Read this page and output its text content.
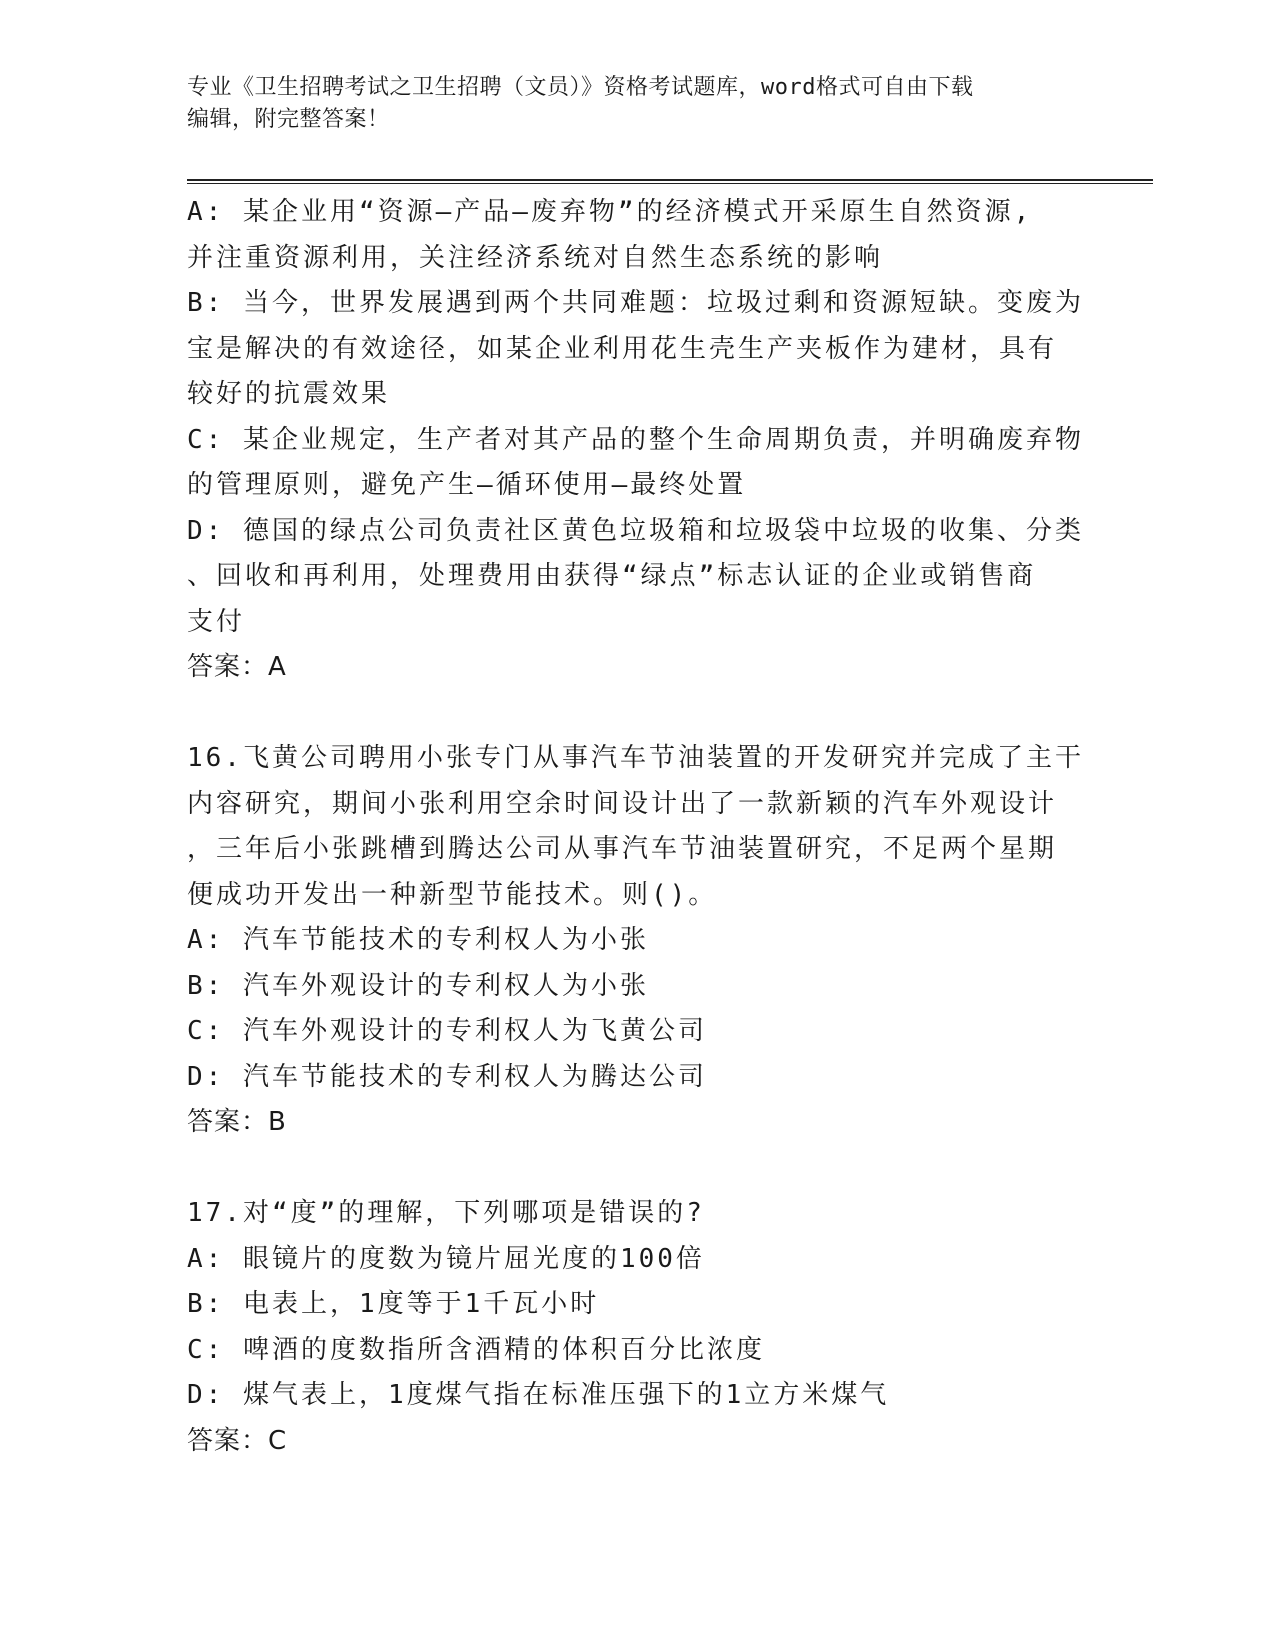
专业《卫生招聘考试之卫生招聘（文员）》资格考试题库，word格式可自由下载
编辑，附完整答案！
A: 某企业用“资源—产品—废弃物”的经济模式开采原生自然资源,
并注重资源利用，关注经济系统对自然生态系统的影响
B: 当今，世界发展遇到两个共同难题：垃圾过剩和资源短缺。变废为
宝是解决的有效途径，如某企业利用花生壳生产夹板作为建材，具有
较好的抗震效果
C: 某企业规定，生产者对其产品的整个生命周期负责，并明确废弃物
的管理原则，避免产生—循环使用—最终处置
D: 德国的绿点公司负责社区黄色垃圾箱和垃圾袋中垃圾的收集、分类
、回收和再利用，处理费用由获得“绿点”标志认证的企业或销售商
支付
答案：A
16.飞黄公司聘用小张专门从事汽车节油装置的开发研究并完成了主干
内容研究，期间小张利用空余时间设计出了一款新颖的汽车外观设计
，三年后小张跳槽到腾达公司从事汽车节油装置研究，不足两个星期
便成功开发出一种新型节能技术。则()。
A: 汽车节能技术的专利权人为小张
B: 汽车外观设计的专利权人为小张
C: 汽车外观设计的专利权人为飞黄公司
D: 汽车节能技术的专利权人为腾达公司
答案：B
17.对“度”的理解，下列哪项是错误的?
A: 眼镜片的度数为镜片屈光度的100倍
B: 电表上，1度等于1千瓦小时
C: 啤酒的度数指所含酒精的体积百分比浓度
D: 煤气表上，1度煤气指在标准压强下的1立方米煤气
答案：C
